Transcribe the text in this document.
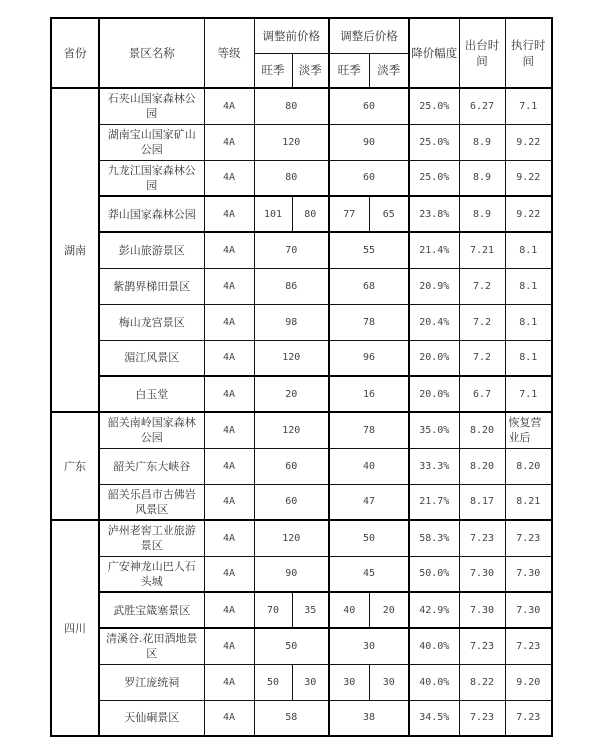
省份	景区名称	等级	调整前价格		调整后价格		降价幅度	出台时间	执行时间
			旺季	淡季	旺季	淡季			
湖南	石夹山国家森林公园	4A	80		60		25.0%	6.27	7.1
	湖南宝山国家矿山公园	4A	120		90		25.0%	8.9	9.22
	九龙江国家森林公园	4A	80		60		25.0%	8.9	9.22
	莽山国家森林公园	4A	101	80	77	65	23.8%	8.9	9.22
	彭山旅游景区	4A	70		55		21.4%	7.21	8.1
	紫鹊界梯田景区	4A	86		68		20.9%	7.2	8.1
	梅山龙宫景区	4A	98		78		20.4%	7.2	8.1
	湄江风景区	4A	120		96		20.0%	7.2	8.1
	白玉堂	4A	20		16		20.0%	6.7	7.1
广东	韶关南岭国家森林公园	4A	120		78		35.0%	8.20	恢复营业后
	韶关广东大峡谷	4A	60		40		33.3%	8.20	8.20
	韶关乐昌市古佛岩风景区	4A	60		47		21.7%	8.17	8.21
四川	泸州老窖工业旅游景区	4A	120		50		58.3%	7.23	7.23
	广安神龙山巴人石头城	4A	90		45		50.0%	7.30	7.30
	武胜宝箴塞景区	4A	70	35	40	20	42.9%	7.30	7.30
	清溪谷.花田酒地景区	4A	50		30		40.0%	7.23	7.23
	罗江庞统祠	4A	50	30	30	30	40.0%	8.22	9.20
	天仙硐景区	4A	58		38		34.5%	7.23	7.23
